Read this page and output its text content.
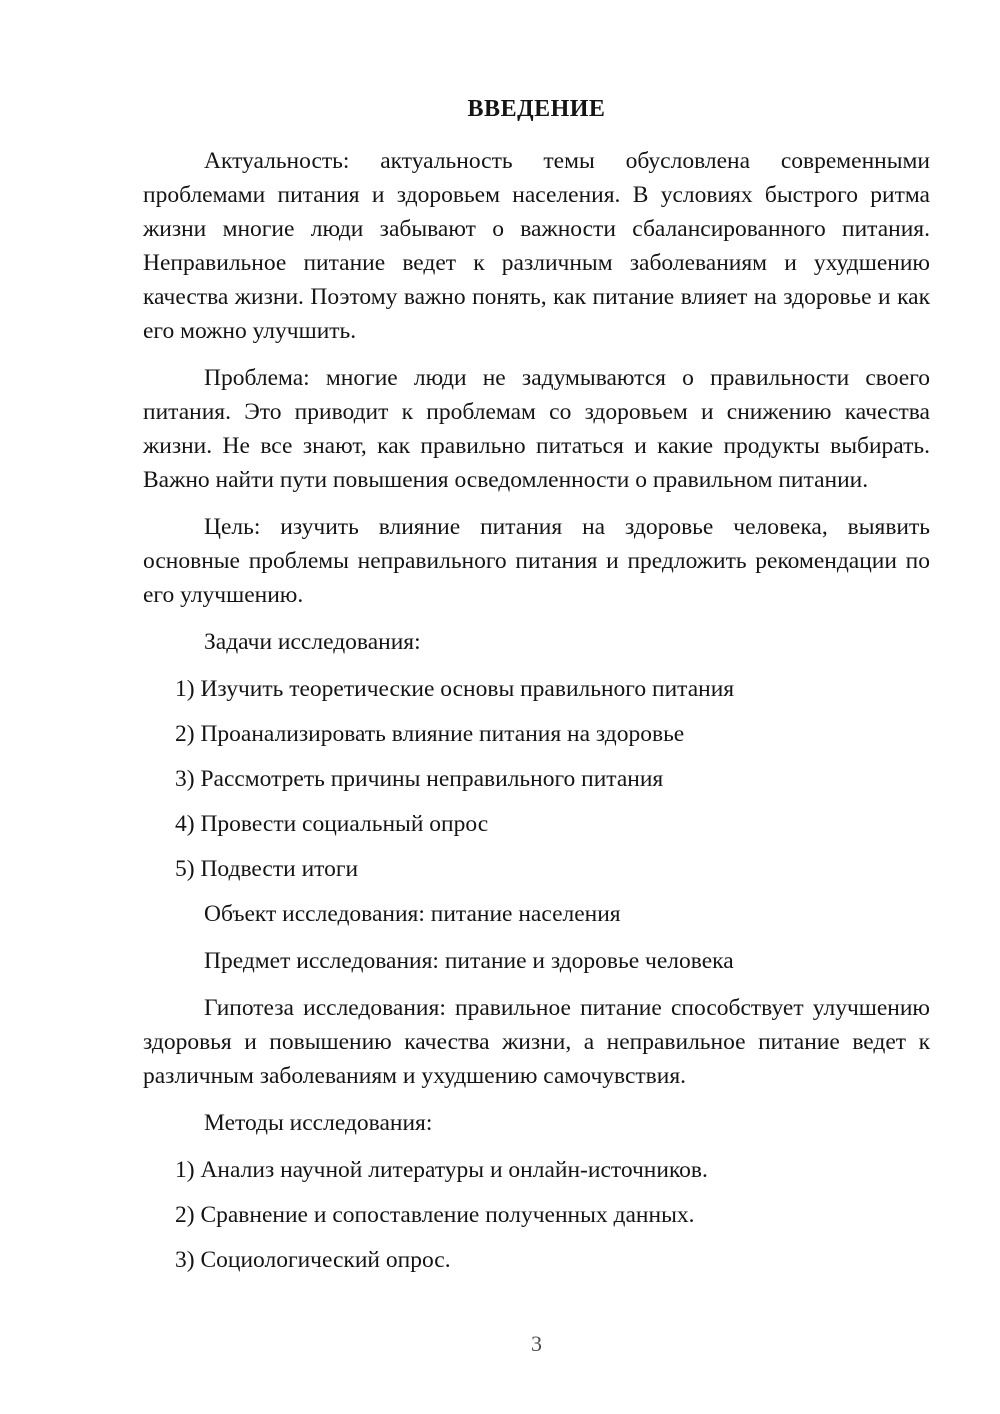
ВВЕДЕНИЕ

Актуальность: актуальность темы обусловлена современными проблемами питания и здоровьем населения. В условиях быстрого ритма жизни многие люди забывают о важности сбалансированного питания. Неправильное питание ведет к различным заболеваниям и ухудшению качества жизни. Поэтому важно понять, как питание влияет на здоровье и как его можно улучшить.

Проблема: многие люди не задумываются о правильности своего питания. Это приводит к проблемам со здоровьем и снижению качества жизни. Не все знают, как правильно питаться и какие продукты выбирать. Важно найти пути повышения осведомленности о правильном питании.

Цель: изучить влияние питания на здоровье человека, выявить основные проблемы неправильного питания и предложить рекомендации по его улучшению.

Задачи исследования:

1) Изучить теоретические основы правильного питания

2) Проанализировать влияние питания на здоровье

3) Рассмотреть причины неправильного питания

4) Провести социальный опрос

5) Подвести итоги

Объект исследования: питание населения

Предмет исследования: питание и здоровье человека

Гипотеза исследования: правильное питание способствует улучшению здоровья и повышению качества жизни, а неправильное питание ведет к различным заболеваниям и ухудшению самочувствия.

Методы исследования:

1) Анализ научной литературы и онлайн-источников.

2) Сравнение и сопоставление полученных данных.

3) Социологический опрос.

3
